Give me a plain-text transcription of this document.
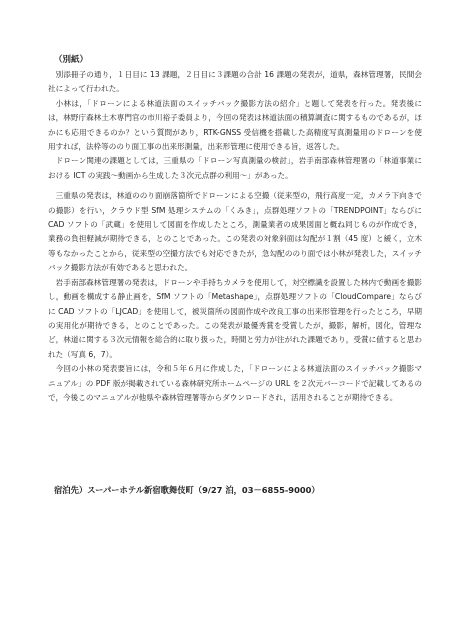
（別紙）

別添冊子の通り，１日目に 13 課題，２日目に３課題の合計 16 課題の発表が，道県，森林管理署，民間会社によって行われた。

小林は，「ドローンによる林道法面のスイッチバック撮影方法の紹介」と題して発表を行った。発表後には，林野庁森林土木専門官の市川裕子委員より，今回の発表は林道法面の積算調査に関するものであるが，ほかにも応用できるのか？という質問があり，RTK-GNSS 受信機を搭載した高精度写真測量用のドローンを使用すれば，法枠等ののり面工事の出来形測量，出来形管理に使用できる旨，返答した。

ドローン関連の課題としては，三重県の「ドローン写真測量の検討」，岩手南部森林管理署の「林道事業における ICT の実践〜動画から生成した３次元点群の利用〜」があった。

三重県の発表は，林道ののり面崩落箇所でドローンによる空撮（従来型の，飛行高度一定，カメラ下向きでの撮影）を行い，クラウド型 SfM 処理システムの「くみき」，点群処理ソフトの「TRENDPOINT」ならびに CAD ソフトの「武蔵」を使用して図面を作成したところ，測量業者の成果図面と概ね同じものが作成でき，業務の負担軽減が期待できる，とのことであった。この発表の対象斜面は勾配が１割（45 度）と緩く，立木等もなかったことから，従来型の空撮方法でも対応できたが，急勾配ののり面では小林が発表した，スイッチバック撮影方法が有効であると思われた。

岩手南部森林管理署の発表は，ドローンや手持ちカメラを使用して，対空標識を設置した林内で動画を撮影し，動画を構成する静止画を，SfM ソフトの「Metashape」，点群処理ソフトの「CloudCompare」ならびに CAD ソフトの「LJCAD」を使用して，被災箇所の図面作成や改良工事の出来形管理を行ったところ，早期の実用化が期待できる，とのことであった。この発表が最優秀賞を受賞したが，撮影，解析，図化，管理など，林道に関する３次元情報を総合的に取り扱った，時間と労力が注がれた課題であり，受賞に値すると思われた（写真 6，7）。

今回の小林の発表要旨には，令和５年６月に作成した，「ドローンによる林道法面のスイッチバック撮影マニュアル」の PDF 版が掲載されている森林研究所ホームページの URL を２次元バーコードで記載してあるので，今後このマニュアルが他県や森林管理署等からダウンロードされ，活用されることが期待できる。

宿泊先）スーパーホテル新宿歌舞伎町（9/27 泊，03－6855-9000）
